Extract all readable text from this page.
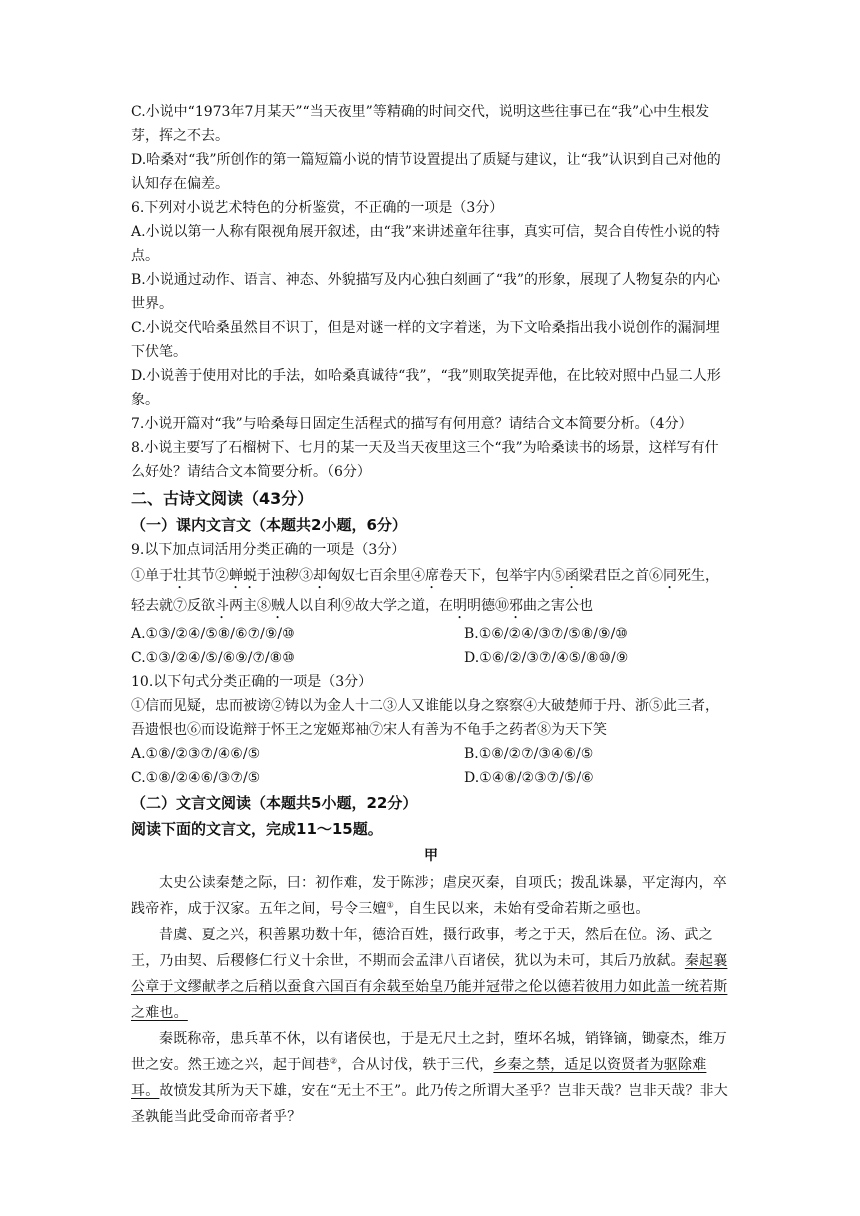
C.小说中“1973年7月某天”“当天夜里”等精确的时间交代，说明这些往事已在“我”心中生根发芽，挥之不去。

D.哈桑对“我”所创作的第一篇短篇小说的情节设置提出了质疑与建议，让“我”认识到自己对他的认知存在偏差。

6.下列对小说艺术特色的分析鉴赏，不正确的一项是（3分）

A.小说以第一人称有限视角展开叙述，由“我”来讲述童年往事，真实可信，契合自传性小说的特点。

B.小说通过动作、语言、神态、外貌描写及内心独白刻画了“我”的形象，展现了人物复杂的内心世界。

C.小说交代哈桑虽然目不识丁，但是对谜一样的文字着迷，为下文哈桑指出我小说创作的漏洞埋下伏笔。

D.小说善于使用对比的手法，如哈桑真诚待“我”，“我”则取笑捉弄他，在比较对照中凸显二人形象。

7.小说开篇对“我”与哈桑每日固定生活程式的描写有何用意？请结合文本简要分析。（4分）

8.小说主要写了石榴树下、七月的某一天及当天夜里这三个“我”为哈桑读书的场景，这样写有什么好处？请结合文本简要分析。（6分）

二、古诗文阅读（43分）
（一）课内文言文（本题共2小题，6分）

9.以下加点词活用分类正确的一项是（3分）

①单于壮其节②蝉蜕于浊秽③却匈奴七百余里④席卷天下，包举宇内⑤函梁君臣之首⑥同死生，轻去就⑦反欲斗两主⑧贼人以自利⑨故大学之道，在明明德⑩邪曲之害公也

A.①③/②④/⑤⑧/⑥⑦/⑨/⑩	B.①⑥/②④/③⑦/⑤⑧/⑨/⑩
C.①③/②④/⑤/⑥⑨/⑦/⑧⑩	D.①⑥/②/③⑦/④⑤/⑧⑩/⑨

10.以下句式分类正确的一项是（3分）

①信而见疑，忠而被谤②铸以为金人十二③人又谁能以身之察察④大破楚师于丹、浙⑤此三者，吾遗恨也⑥而设诡辩于怀王之宠姬郑袖⑦宋人有善为不龟手之药者⑧为天下笑

A.①⑧/②③⑦/④⑥/⑤	B.①⑧/②⑦/③④⑥/⑤
C.①⑧/②④⑥/③⑦/⑤	D.①④⑧/②③⑦/⑤/⑥
（二）文言文阅读（本题共5小题，22分）
阅读下面的文言文，完成11～15题。
甲

太史公读秦楚之际，曰：初作难，发于陈涉；虐戾灭秦，自项氏；拨乱诛暴，平定海内，卒践帝祚，成于汉家。五年之间，号令三嬗①，自生民以来，未始有受命若斯之亟也。

昔虞、夏之兴，积善累功数十年，德洽百姓，摄行政事，考之于天，然后在位。汤、武之王，乃由契、后稷修仁行义十余世，不期而会孟津八百诸侯，犹以为未可，其后乃放弑。秦起襄公章于文缪献孝之后稍以蚕食六国百有余载至始皇乃能并冠带之伦以德若彼用力如此盖一统若斯之难也。

秦既称帝，患兵革不休，以有诸侯也，于是无尺土之封，堕坏名城，销锋镝，锄豪杰，维万世之安。然王迹之兴，起于闾巷②，合从讨伐，轶于三代，乡秦之禁，适足以资贤者为驱除难耳。故愤发其所为天下雄，安在“无土不王”。此乃传之所谓大圣乎？岂非天哉？岂非天哉？非大圣孰能当此受命而帝者乎？
